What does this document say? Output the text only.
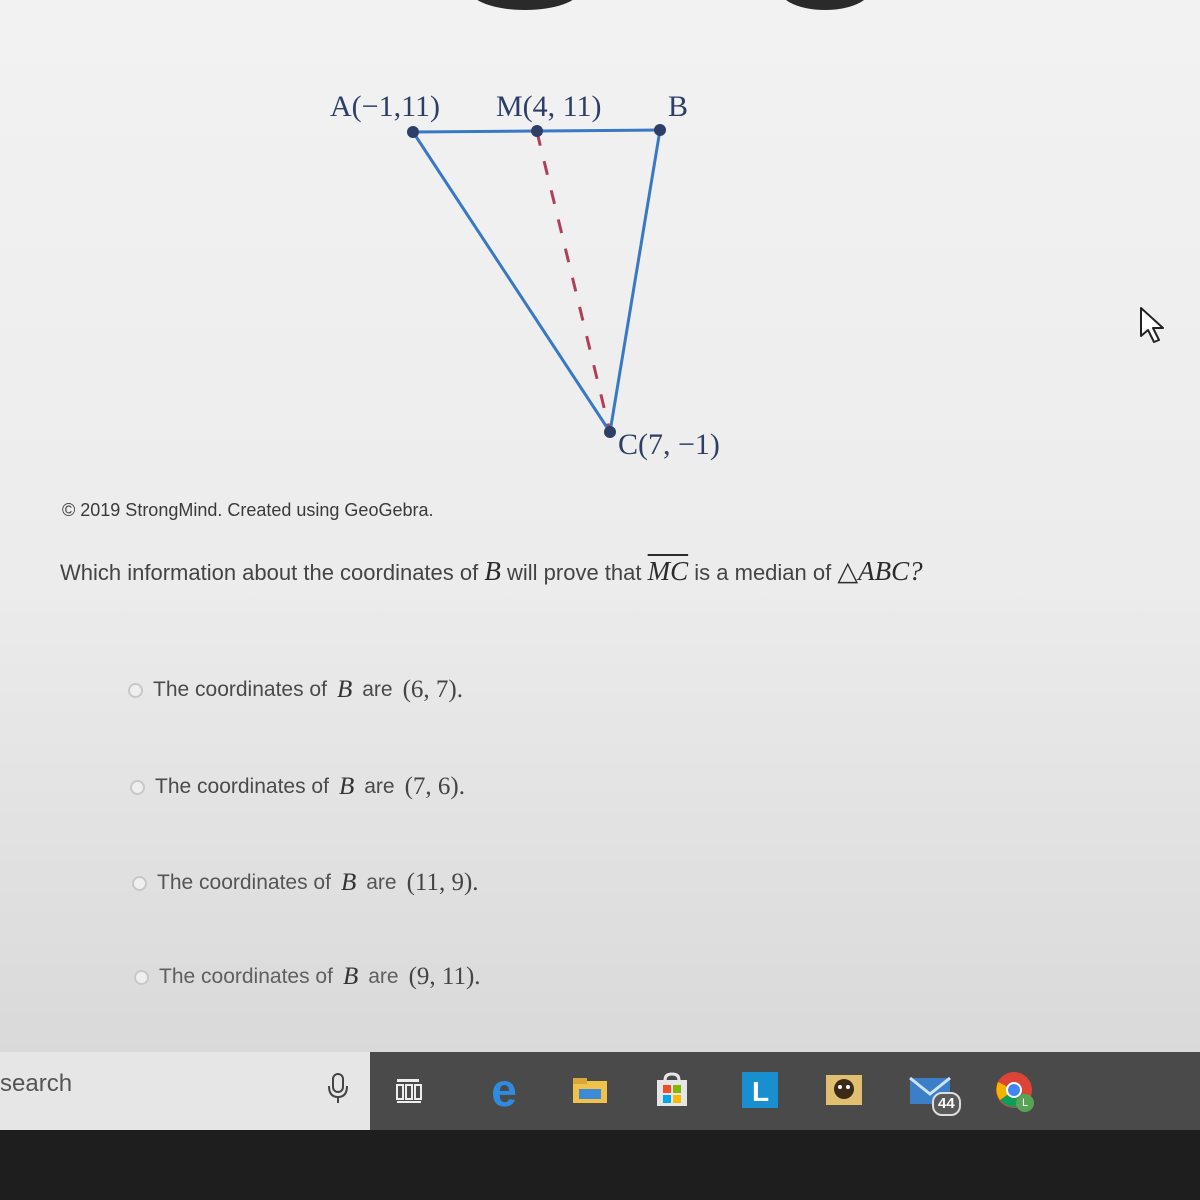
A(−1,11) M(4, 11) B
C(7, −1)
© 2019 StrongMind. Created using GeoGebra.
Which information about the coordinates of B will prove that $\overline{MC}$ is a median of △ABC?
The coordinates of B are (6, 7).
The coordinates of B are (7, 6).
The coordinates of B are (11, 9).
The coordinates of B are (9, 11).
search	e	L	44	L
